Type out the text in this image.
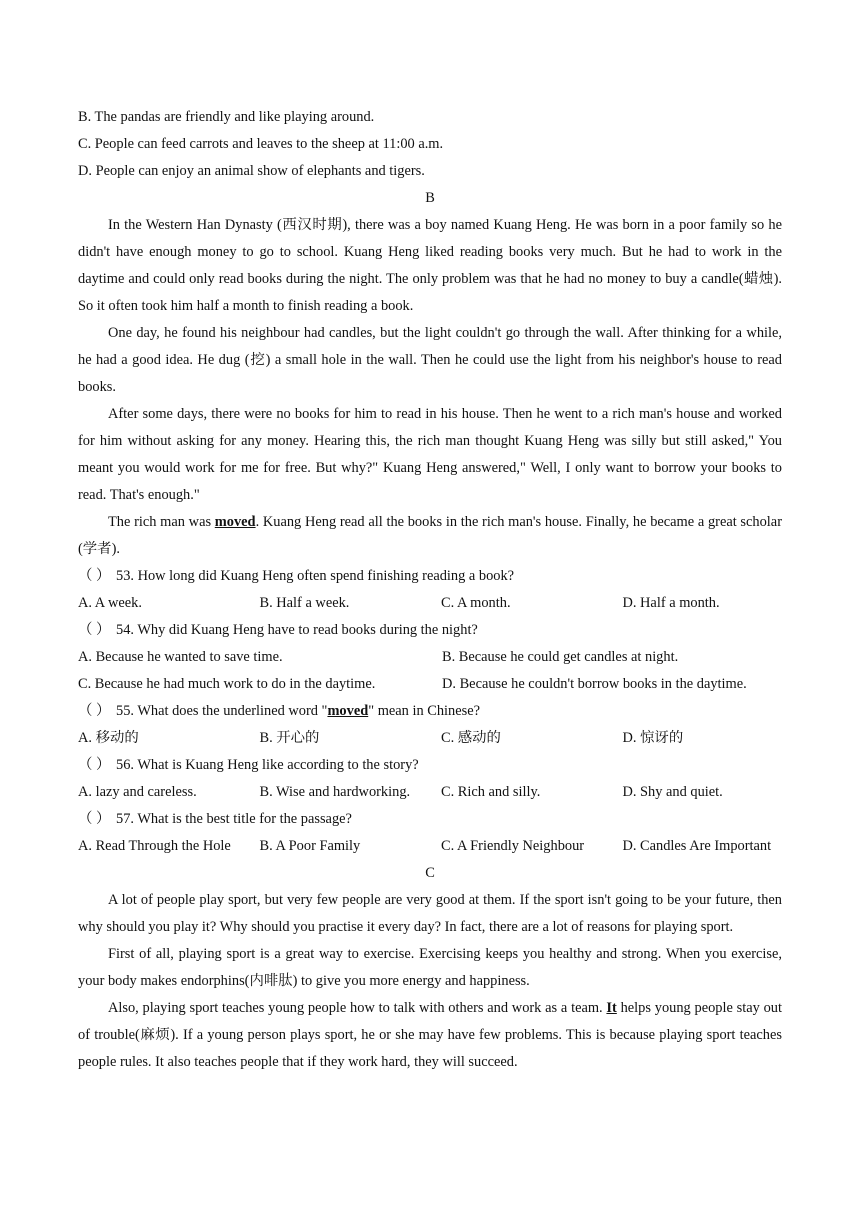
B. The pandas are friendly and like playing around.
C. People can feed carrots and leaves to the sheep at 11:00 a.m.
D. People can enjoy an animal show of elephants and tigers.
B
In the Western Han Dynasty (西汉时期), there was a boy named Kuang Heng. He was born in a poor family so he didn't have enough money to go to school. Kuang Heng liked reading books very much. But he had to work in the daytime and could only read books during the night. The only problem was that he had no money to buy a candle(蜡烛). So it often took him half a month to finish reading a book.
One day, he found his neighbour had candles, but the light couldn't go through the wall. After thinking for a while, he had a good idea. He dug (挖) a small hole in the wall. Then he could use the light from his neighbor's house to read books.
After some days, there were no books for him to read in his house. Then he went to a rich man's house and worked for him without asking for any money. Hearing this, the rich man thought Kuang Heng was silly but still asked," You meant you would work for me for free. But why?" Kuang Heng answered," Well, I only want to borrow your books to read. That's enough."
The rich man was moved. Kuang Heng read all the books in the rich man's house. Finally, he became a great scholar (学者).
（ ） 53. How long did Kuang Heng often spend finishing reading a book?
A. A week.	B. Half a week.	C. A month.	D. Half a month.
（ ） 54. Why did Kuang Heng have to read books during the night?
A. Because he wanted to save time.	B. Because he could get candles at night.
C. Because he had much work to do in the daytime.	D. Because he couldn't borrow books in the daytime.
（ ） 55. What does the underlined word "moved" mean in Chinese?
A. 移动的	B. 开心的	C. 感动的	D. 惊讶的
（ ） 56. What is Kuang Heng like according to the story?
A. lazy and careless.	B. Wise and hardworking.	C. Rich and silly.	D. Shy and quiet.
（ ） 57. What is the best title for the passage?
A. Read Through the Hole	B. A Poor Family	C. A Friendly Neighbour	D. Candles Are Important
C
A lot of people play sport, but very few people are very good at them. If the sport isn't going to be your future, then why should you play it? Why should you practise it every day? In fact, there are a lot of reasons for playing sport.
First of all, playing sport is a great way to exercise. Exercising keeps you healthy and strong. When you exercise, your body makes endorphins(内啡肽) to give you more energy and happiness.
Also, playing sport teaches young people how to talk with others and work as a team. It helps young people stay out of trouble(麻烦). If a young person plays sport, he or she may have few problems. This is because playing sport teaches people rules. It also teaches people that if they work hard, they will succeed.
